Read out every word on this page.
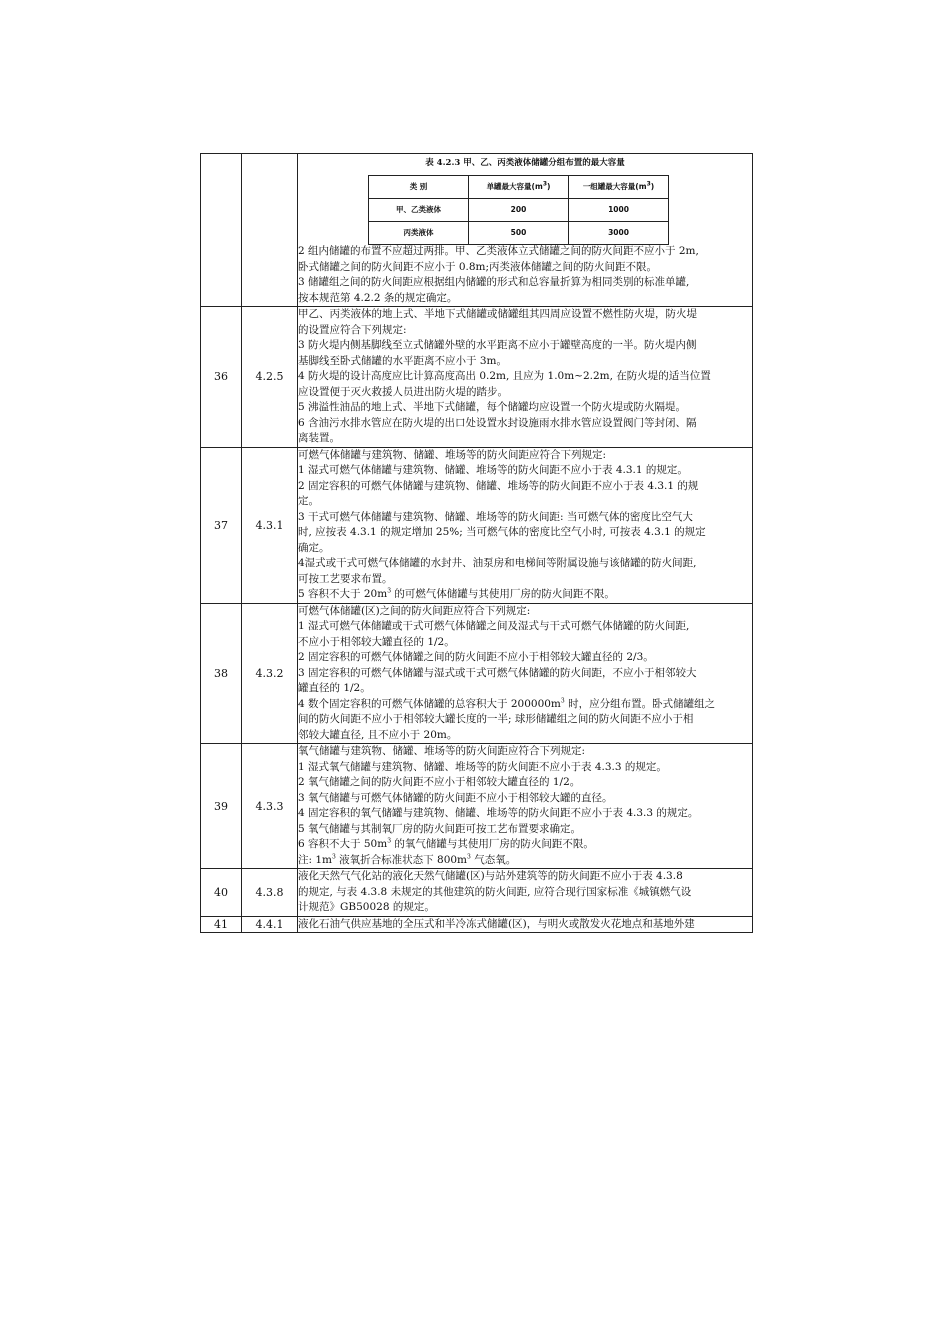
表 4.2.3 甲、乙、丙类液体储罐分组布置的最大容量
类 别	单罐最大容量$(m^3)$	一组罐最大容量$(m^3)$
甲、乙类液体	200	1000
丙类液体	500	3000
2 组内储罐的布置不应超过两排。甲、乙类液体立式储罐之间的防火间距不应小于 2m,
卧式储罐之间的防火间距不应小于 0.8m;丙类液体储罐之间的防火间距不限。
3 储罐组之间的防火间距应根据组内储罐的形式和总容量折算为相同类别的标准单罐,
按本规范第 4.2.2 条的规定确定。

36	4.2.5	
甲乙、丙类液体的地上式、半地下式储罐或储罐组其四周应设置不燃性防火堤，防火堤
的设置应符合下列规定:
3 防火堤内侧基脚线至立式储罐外壁的水平距离不应小于罐壁高度的一半。防火堤内侧
基脚线至卧式储罐的水平距离不应小于 3m。
4 防火堤的设计高度应比计算高度高出 0.2m, 且应为 1.0m~2.2m, 在防火堤的适当位置
应设置便于灭火救援人员进出防火堤的踏步。
5 沸溢性油品的地上式、半地下式储罐，每个储罐均应设置一个防火堤或防火隔堤。
6 含油污水排水管应在防火堤的出口处设置水封设施雨水排水管应设置阀门等封闭、隔
离装置。

37	4.3.1	
可燃气体储罐与建筑物、储罐、堆场等的防火间距应符合下列规定:
1 湿式可燃气体储罐与建筑物、储罐、堆场等的防火间距不应小于表 4.3.1 的规定。
2 固定容积的可燃气体储罐与建筑物、储罐、堆场等的防火间距不应小于表 4.3.1 的规
定。
3 干式可燃气体储罐与建筑物、储罐、堆场等的防火间距: 当可燃气体的密度比空气大
时, 应按表 4.3.1 的规定增加 25%; 当可燃气体的密度比空气小时, 可按表 4.3.1 的规定
确定。
4湿式或干式可燃气体储罐的水封井、油泵房和电梯间等附属设施与该储罐的防火间距,
可按工艺要求布置。
5 容积不大于 $20m^3$ 的可燃气体储罐与其使用厂房的防火间距不限。

38	4.3.2	
可燃气体储罐(区)之间的防火间距应符合下列规定:
1 湿式可燃气体储罐或干式可燃气体储罐之间及湿式与干式可燃气体储罐的防火间距,
不应小于相邻较大罐直径的 1/2。
2 固定容积的可燃气体储罐之间的防火间距不应小于相邻较大罐直径的 2/3。
3 固定容积的可燃气体储罐与湿式或干式可燃气体储罐的防火间距，不应小于相邻较大
罐直径的 1/2。
4 数个固定容积的可燃气体储罐的总容积大于 $200000m^3$ 时，应分组布置。卧式储罐组之
间的防火间距不应小于相邻较大罐长度的一半; 球形储罐组之间的防火间距不应小于相
邻较大罐直径, 且不应小于 20m。

39	4.3.3	
氧气储罐与建筑物、储罐、堆场等的防火间距应符合下列规定:
1 湿式氧气储罐与建筑物、储罐、堆场等的防火间距不应小于表 4.3.3 的规定。
2 氧气储罐之间的防火间距不应小于相邻较大罐直径的 1/2。
3 氧气储罐与可燃气体储罐的防火间距不应小于相邻较大罐的直径。
4 固定容积的氧气储罐与建筑物、储罐、堆场等的防火间距不应小于表 4.3.3 的规定。
5 氧气储罐与其制氧厂房的防火间距可按工艺布置要求确定。
6 容积不大于 $50m^3$ 的氧气储罐与其使用厂房的防火间距不限。
注: $1m^3$ 液氧折合标准状态下 $800m^3$ 气态氧。

40	4.3.8	
液化天然气气化站的液化天然气储罐(区)与站外建筑等的防火间距不应小于表 4.3.8
的规定, 与表 4.3.8 未规定的其他建筑的防火间距, 应符合现行国家标准《城镇燃气设
计规范》GB50028 的规定。

41	4.4.1	液化石油气供应基地的全压式和半冷冻式储罐(区)，与明火或散发火花地点和基地外建
